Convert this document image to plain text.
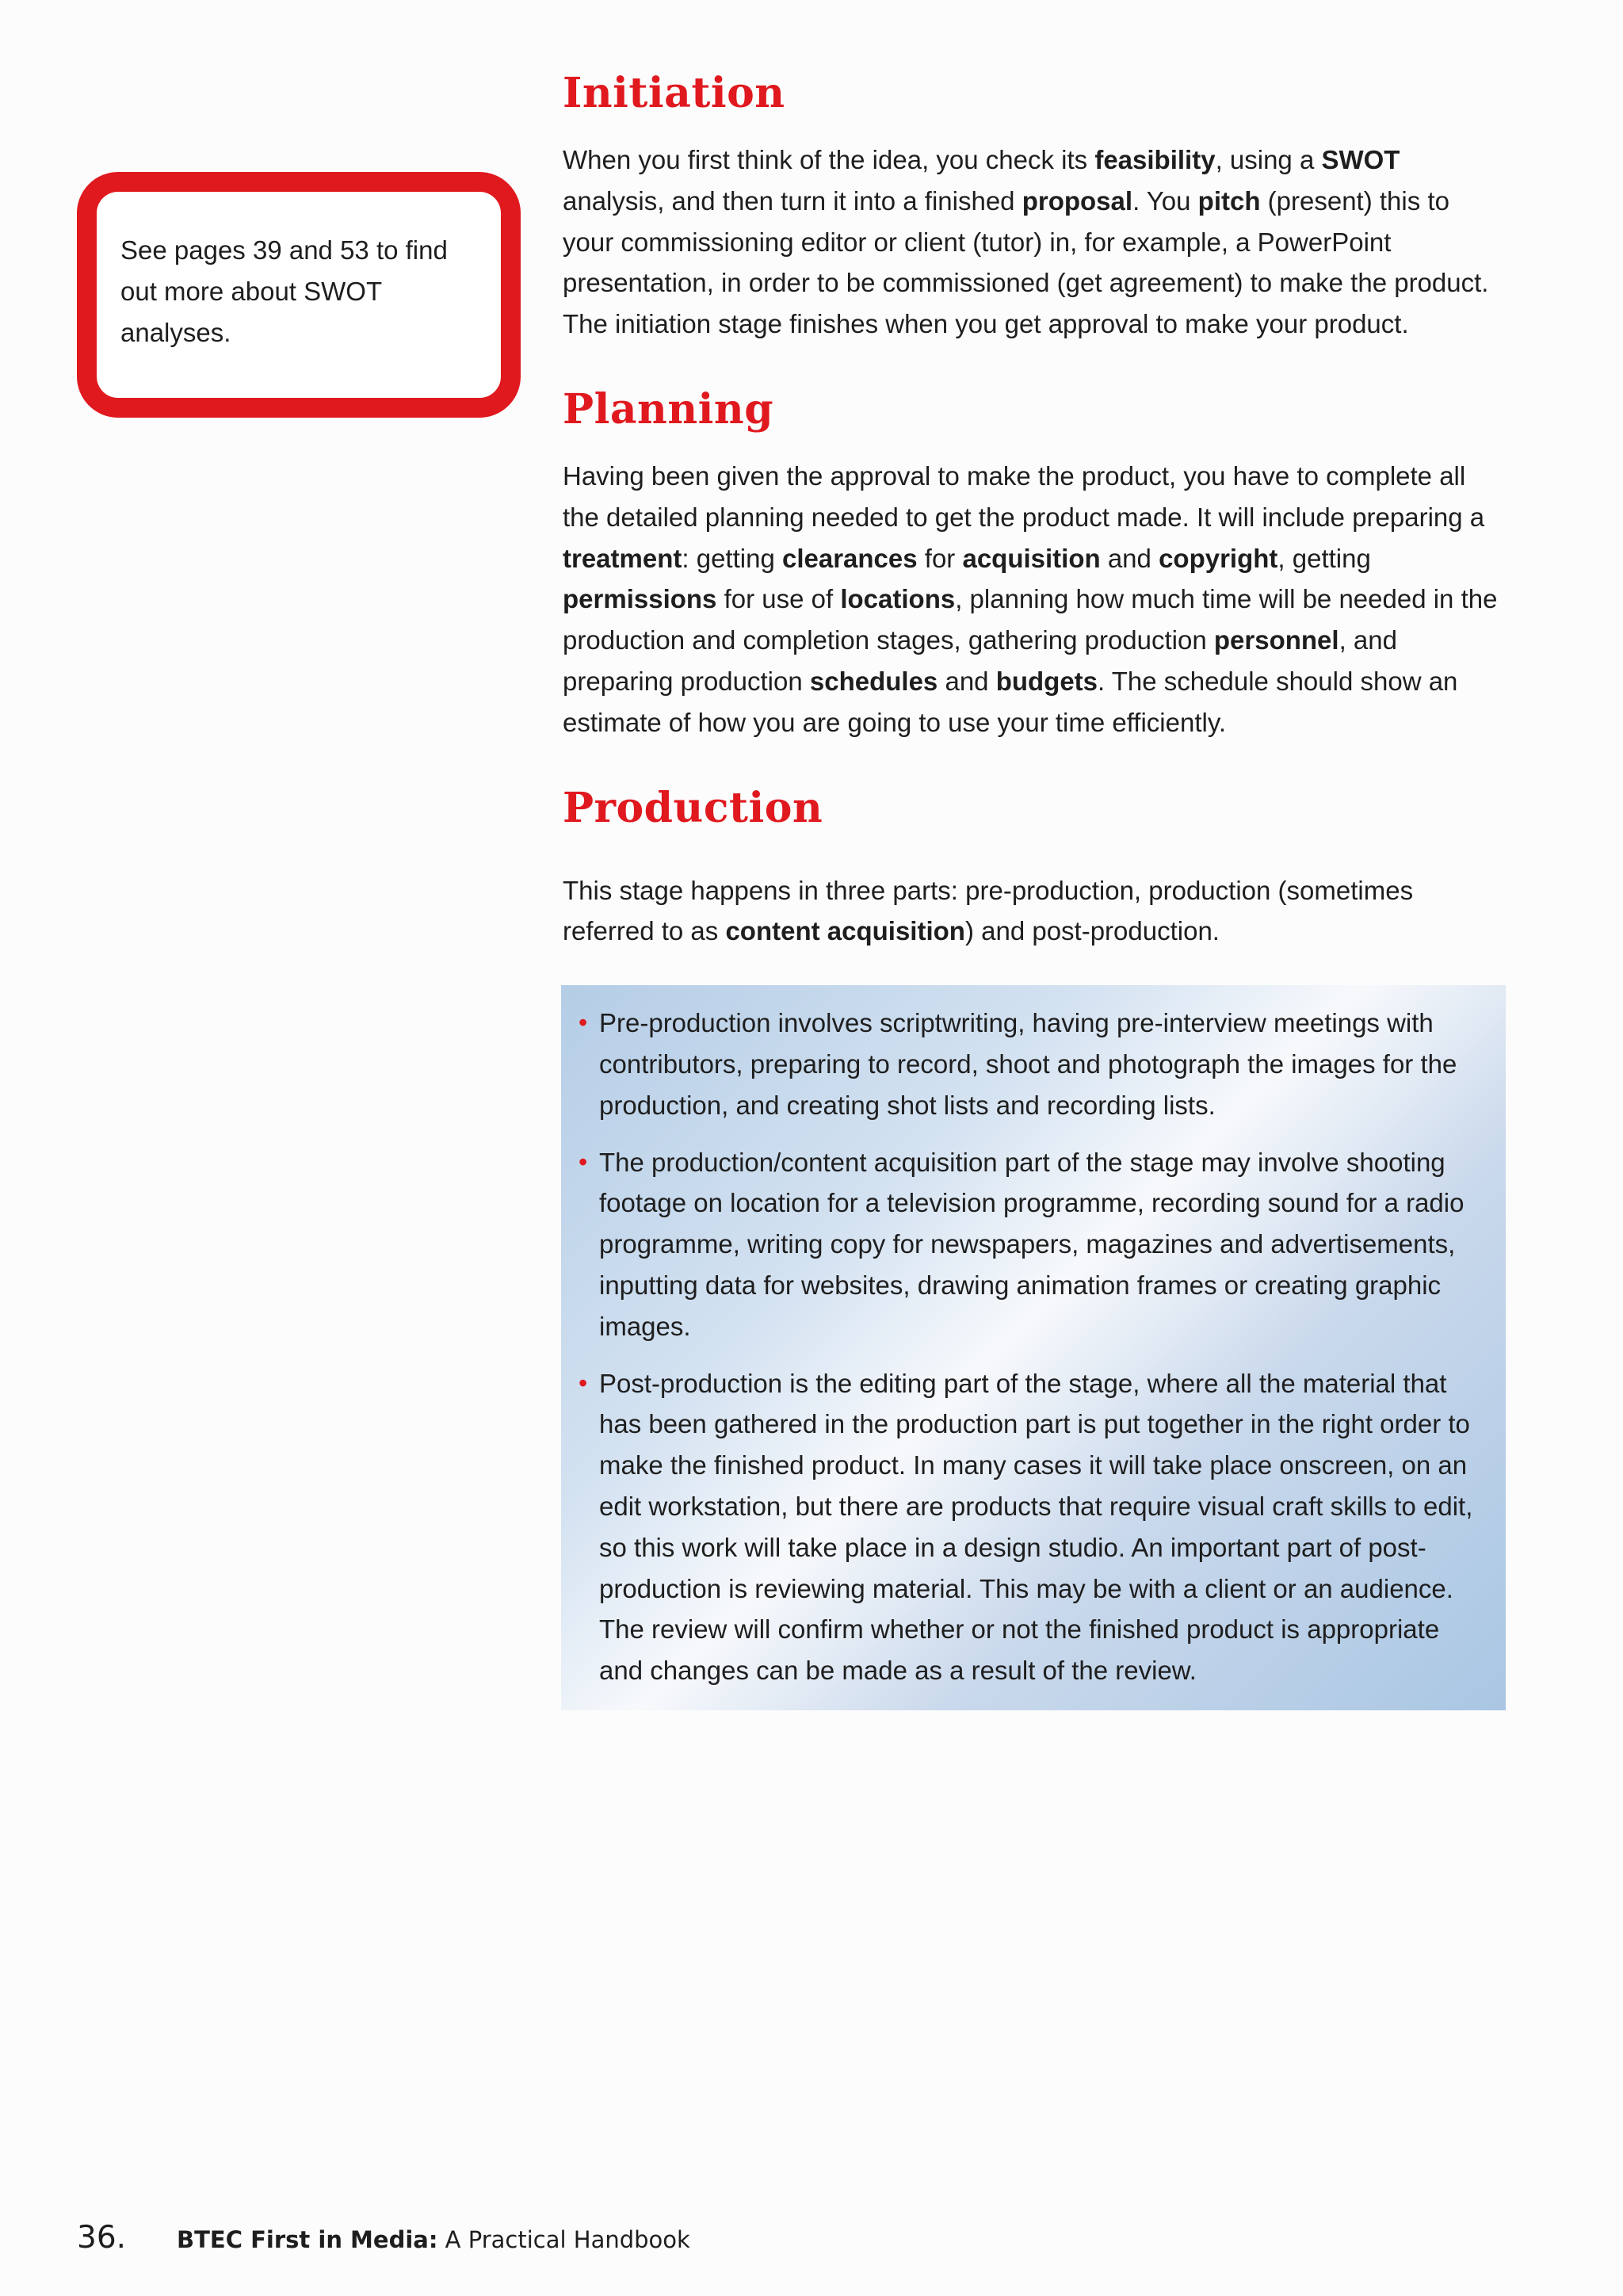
See pages 39 and 53 to find out more about SWOT analyses.
Initiation

When you first think of the idea, you check its feasibility, using a SWOT analysis, and then turn it into a finished proposal. You pitch (present) this to your commissioning editor or client (tutor) in, for example, a PowerPoint presentation, in order to be commissioned (get agreement) to make the product. The initiation stage finishes when you get approval to make your product.

Planning

Having been given the approval to make the product, you have to complete all the detailed planning needed to get the product made. It will include preparing a treatment: getting clearances for acquisition and copyright, getting permissions for use of locations, planning how much time will be needed in the production and completion stages, gathering production personnel, and preparing production schedules and budgets. The schedule should show an estimate of how you are going to use your time efficiently.

Production

This stage happens in three parts: pre-production, production (sometimes referred to as content acquisition) and post-production.

• Pre-production involves scriptwriting, having pre-interview meetings with contributors, preparing to record, shoot and photograph the images for the production, and creating shot lists and recording lists.
• The production/content acquisition part of the stage may involve shooting footage on location for a television programme, recording sound for a radio programme, writing copy for newspapers, magazines and advertisements, inputting data for websites, drawing animation frames or creating graphic images.
• Post-production is the editing part of the stage, where all the material that has been gathered in the production part is put together in the right order to make the finished product. In many cases it will take place onscreen, on an edit workstation, but there are products that require visual craft skills to edit, so this work will take place in a design studio. An important part of post-production is reviewing material. This may be with a client or an audience. The review will confirm whether or not the finished product is appropriate and changes can be made as a result of the review.
36. BTEC First in Media: A Practical Handbook
